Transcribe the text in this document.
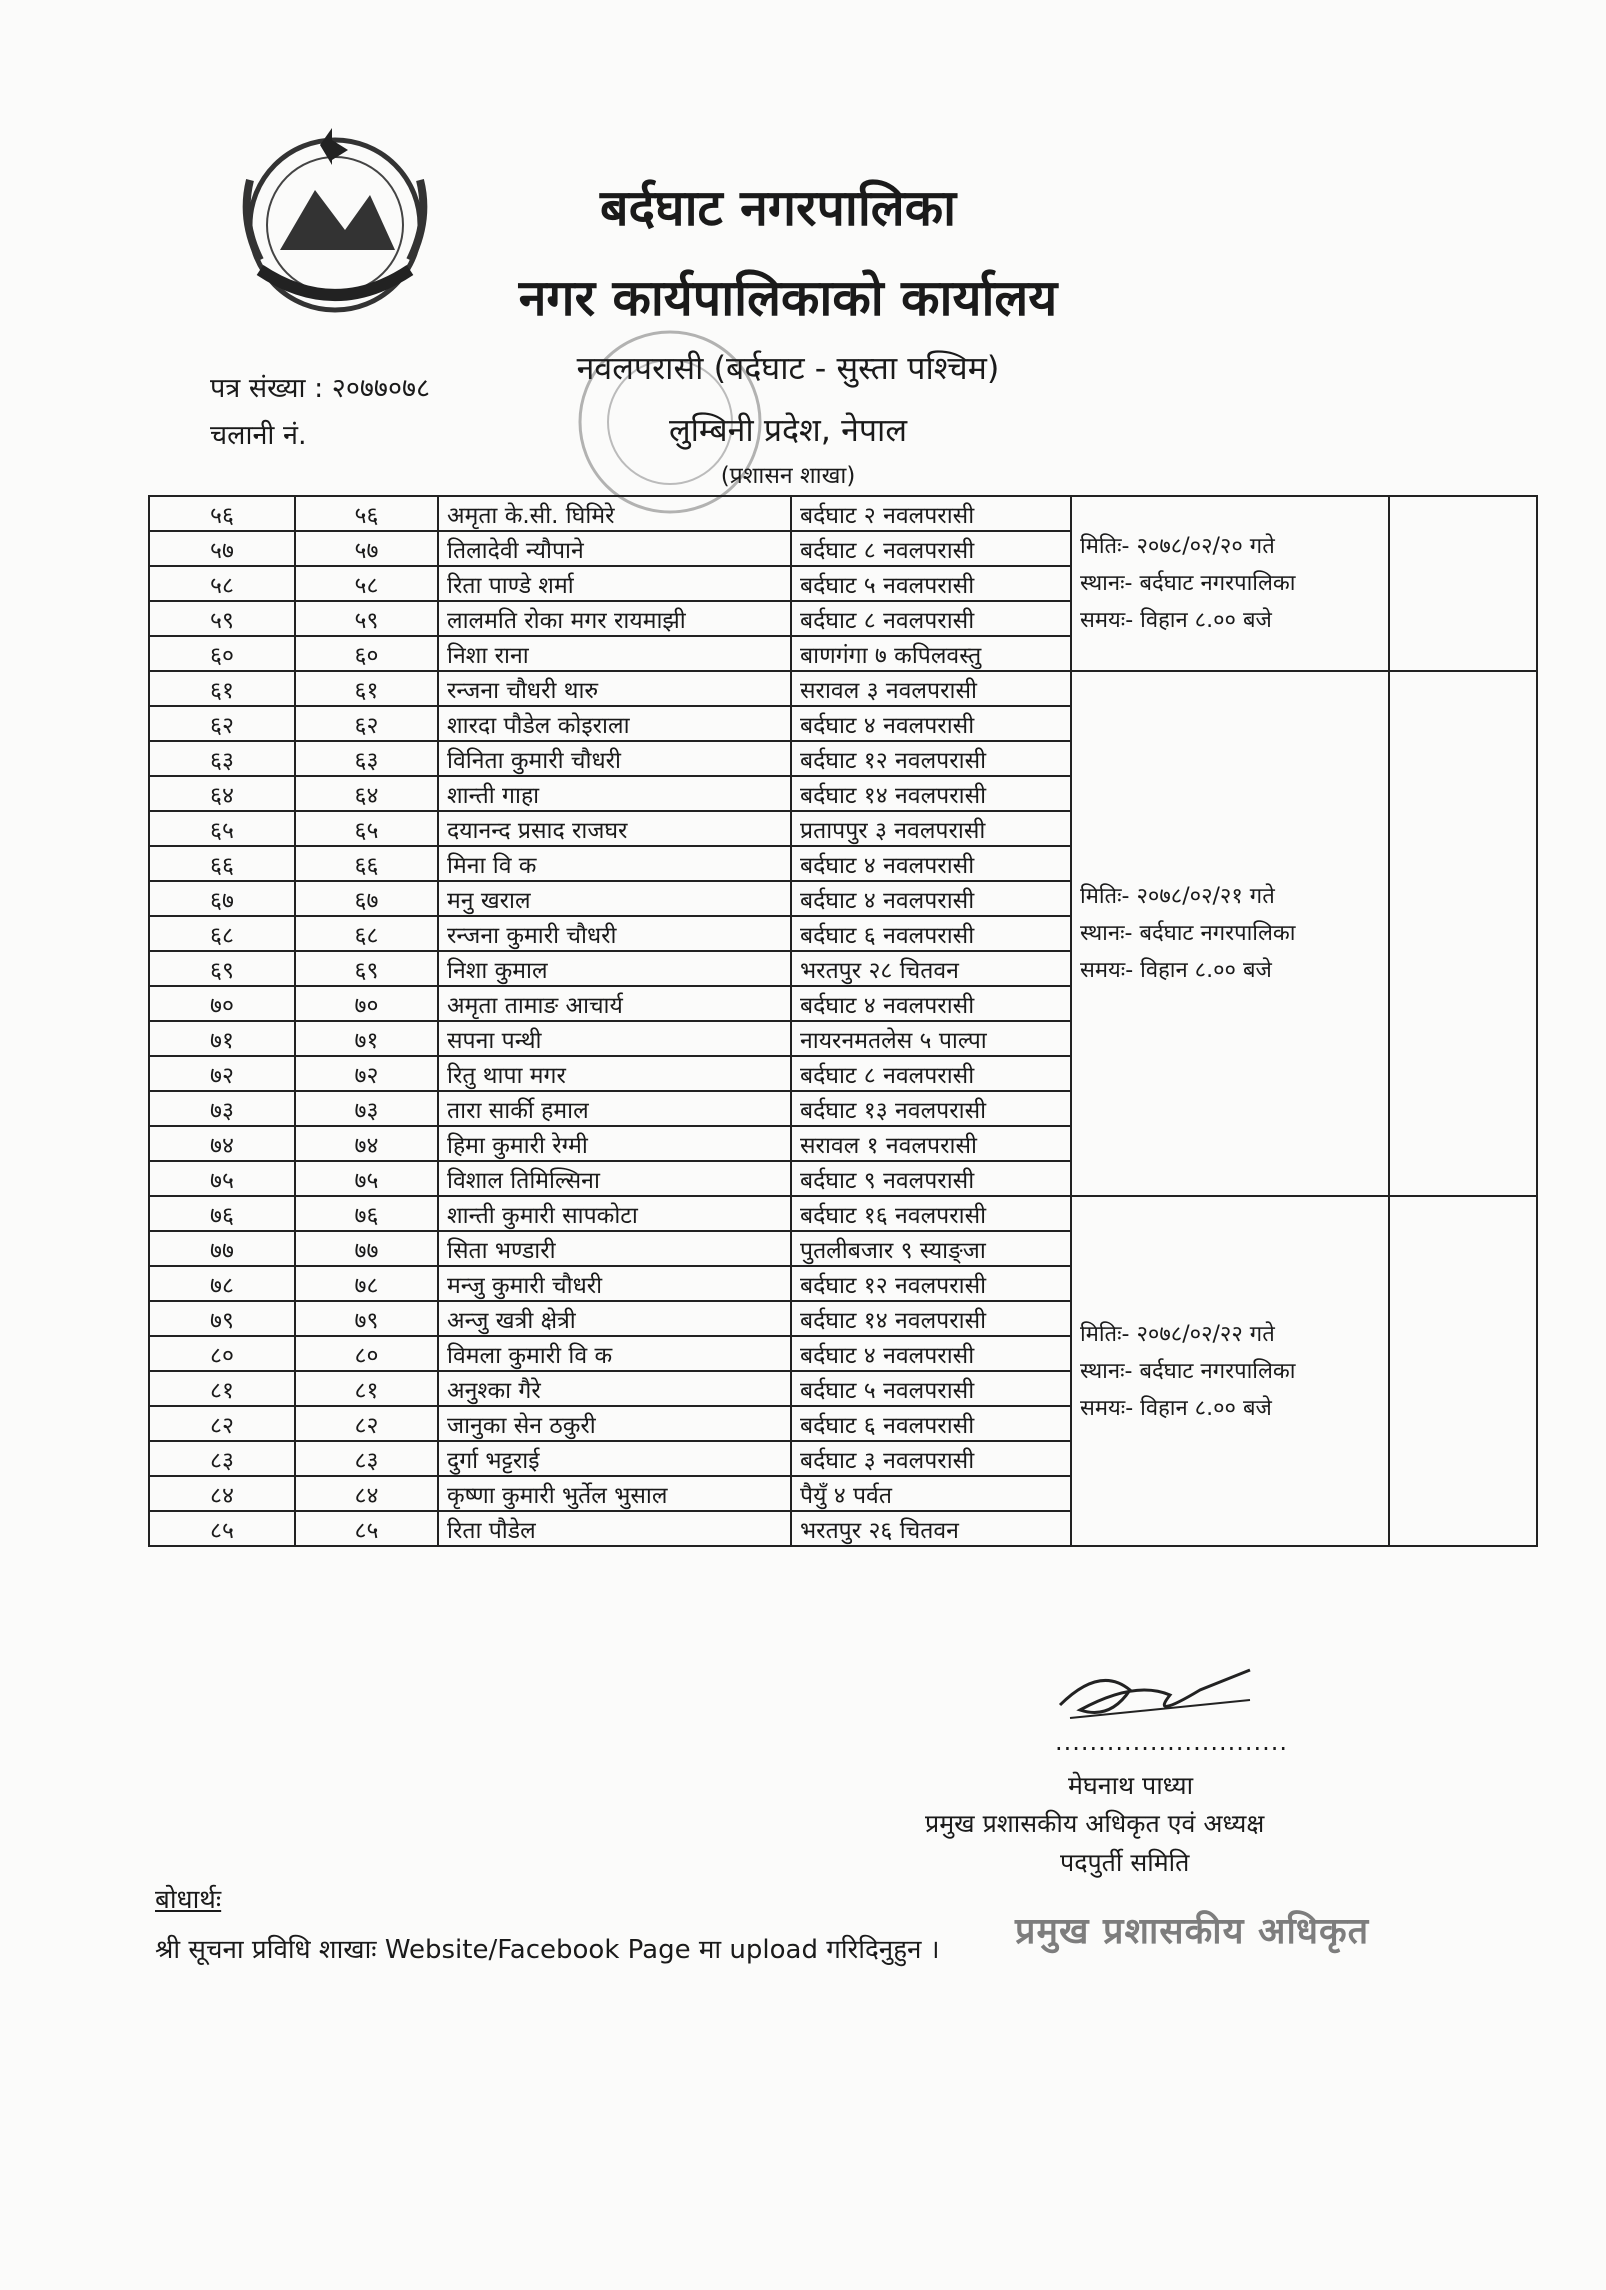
बर्दघाट नगरपालिका
नगर कार्यपालिकाको कार्यालय
नवलपरासी (बर्दघाट - सुस्ता पश्चिम)
लुम्बिनी प्रदेश, नेपाल
(प्रशासन शाखा)
पत्र संख्या : २०७७०७८
चलानी नं.
५६	५६	अमृता के.सी. घिमिरे	बर्दघाट २ नवलपरासी	मितिः- २०७८/०२/२० गते
स्थानः- बर्दघाट नगरपालिका
समयः- विहान ८.०० बजे	

५७	५७	तिलादेवी न्यौपाने	बर्दघाट ८ नवलपरासी		
५८	५८	रिता पाण्डे शर्मा	बर्दघाट ५ नवलपरासी		
५९	५९	लालमति रोका मगर रायमाझी	बर्दघाट ८ नवलपरासी		
६०	६०	निशा राना	बाणगंगा ७ कपिलवस्तु		
६१	६१	रन्जना चौधरी थारु	सरावल ३ नवलपरासी	मितिः- २०७८/०२/२१ गते
स्थानः- बर्दघाट नगरपालिका
समयः- विहान ८.०० बजे	

६२	६२	शारदा पौडेल कोइराला	बर्दघाट ४ नवलपरासी		
६३	६३	विनिता कुमारी चौधरी	बर्दघाट १२ नवलपरासी		
६४	६४	शान्ती गाहा	बर्दघाट १४ नवलपरासी		
६५	६५	दयानन्द प्रसाद राजघर	प्रतापपुर ३ नवलपरासी		
६६	६६	मिना वि क	बर्दघाट ४ नवलपरासी		
६७	६७	मनु खराल	बर्दघाट ४ नवलपरासी		
६८	६८	रन्जना कुमारी चौधरी	बर्दघाट ६ नवलपरासी		
६९	६९	निशा कुमाल	भरतपुर २८ चितवन		
७०	७०	अमृता तामाङ आचार्य	बर्दघाट ४ नवलपरासी		
७१	७१	सपना पन्थी	नायरनमतलेस ५ पाल्पा		
७२	७२	रितु थापा मगर	बर्दघाट ८ नवलपरासी		
७३	७३	तारा सार्की हमाल	बर्दघाट १३ नवलपरासी		
७४	७४	हिमा कुमारी रेग्मी	सरावल १ नवलपरासी		
७५	७५	विशाल तिमिल्सिना	बर्दघाट ९ नवलपरासी		
७६	७६	शान्ती कुमारी सापकोटा	बर्दघाट १६ नवलपरासी	मितिः- २०७८/०२/२२ गते
स्थानः- बर्दघाट नगरपालिका
समयः- विहान ८.०० बजे	

७७	७७	सिता भण्डारी	पुतलीबजार ९ स्याङ्जा		
७८	७८	मन्जु कुमारी चौधरी	बर्दघाट १२ नवलपरासी		
७९	७९	अन्जु खत्री क्षेत्री	बर्दघाट १४ नवलपरासी		
८०	८०	विमला कुमारी वि क	बर्दघाट ४ नवलपरासी		
८१	८१	अनुश्का गैरे	बर्दघाट ५ नवलपरासी		
८२	८२	जानुका सेन ठकुरी	बर्दघाट ६ नवलपरासी		
८३	८३	दुर्गा भट्टराई	बर्दघाट ३ नवलपरासी		
८४	८४	कृष्णा कुमारी भुर्तेल भुसाल	पैयुँ ४ पर्वत		
८५	८५	रिता पौडेल	भरतपुर २६ चितवन		
...........................
मेघनाथ पाध्या
प्रमुख प्रशासकीय अधिकृत एवं अध्यक्ष
पदपुर्ती समिति
प्रमुख प्रशासकीय अधिकृत
बोधार्थः
श्री सूचना प्रविधि शाखाः Website/Facebook Page मा upload गरिदिनुहुन ।
